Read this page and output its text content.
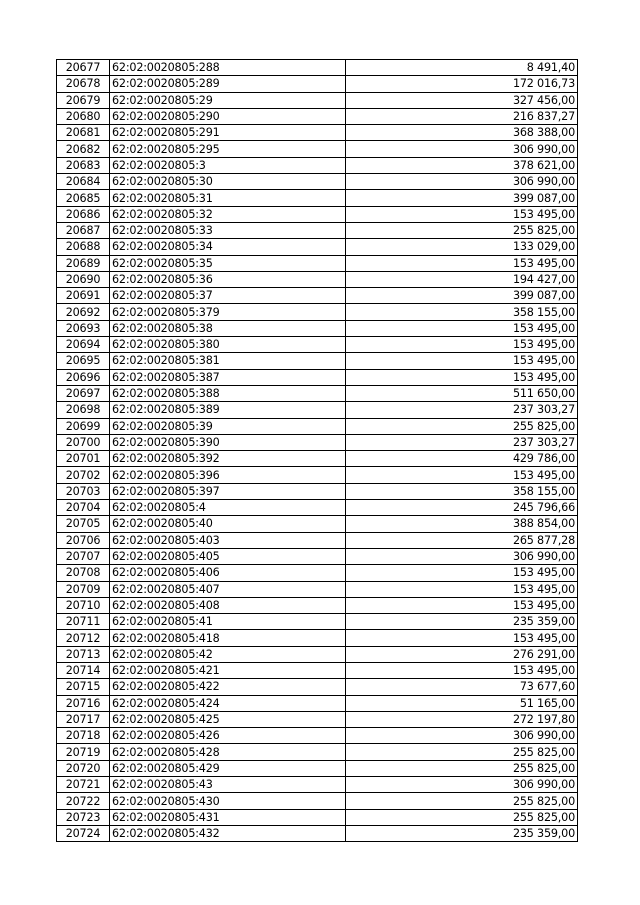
20677	62:02:0020805:288	8 491,40
20678	62:02:0020805:289	172 016,73
20679	62:02:0020805:29	327 456,00
20680	62:02:0020805:290	216 837,27
20681	62:02:0020805:291	368 388,00
20682	62:02:0020805:295	306 990,00
20683	62:02:0020805:3	378 621,00
20684	62:02:0020805:30	306 990,00
20685	62:02:0020805:31	399 087,00
20686	62:02:0020805:32	153 495,00
20687	62:02:0020805:33	255 825,00
20688	62:02:0020805:34	133 029,00
20689	62:02:0020805:35	153 495,00
20690	62:02:0020805:36	194 427,00
20691	62:02:0020805:37	399 087,00
20692	62:02:0020805:379	358 155,00
20693	62:02:0020805:38	153 495,00
20694	62:02:0020805:380	153 495,00
20695	62:02:0020805:381	153 495,00
20696	62:02:0020805:387	153 495,00
20697	62:02:0020805:388	511 650,00
20698	62:02:0020805:389	237 303,27
20699	62:02:0020805:39	255 825,00
20700	62:02:0020805:390	237 303,27
20701	62:02:0020805:392	429 786,00
20702	62:02:0020805:396	153 495,00
20703	62:02:0020805:397	358 155,00
20704	62:02:0020805:4	245 796,66
20705	62:02:0020805:40	388 854,00
20706	62:02:0020805:403	265 877,28
20707	62:02:0020805:405	306 990,00
20708	62:02:0020805:406	153 495,00
20709	62:02:0020805:407	153 495,00
20710	62:02:0020805:408	153 495,00
20711	62:02:0020805:41	235 359,00
20712	62:02:0020805:418	153 495,00
20713	62:02:0020805:42	276 291,00
20714	62:02:0020805:421	153 495,00
20715	62:02:0020805:422	73 677,60
20716	62:02:0020805:424	51 165,00
20717	62:02:0020805:425	272 197,80
20718	62:02:0020805:426	306 990,00
20719	62:02:0020805:428	255 825,00
20720	62:02:0020805:429	255 825,00
20721	62:02:0020805:43	306 990,00
20722	62:02:0020805:430	255 825,00
20723	62:02:0020805:431	255 825,00
20724	62:02:0020805:432	235 359,00
